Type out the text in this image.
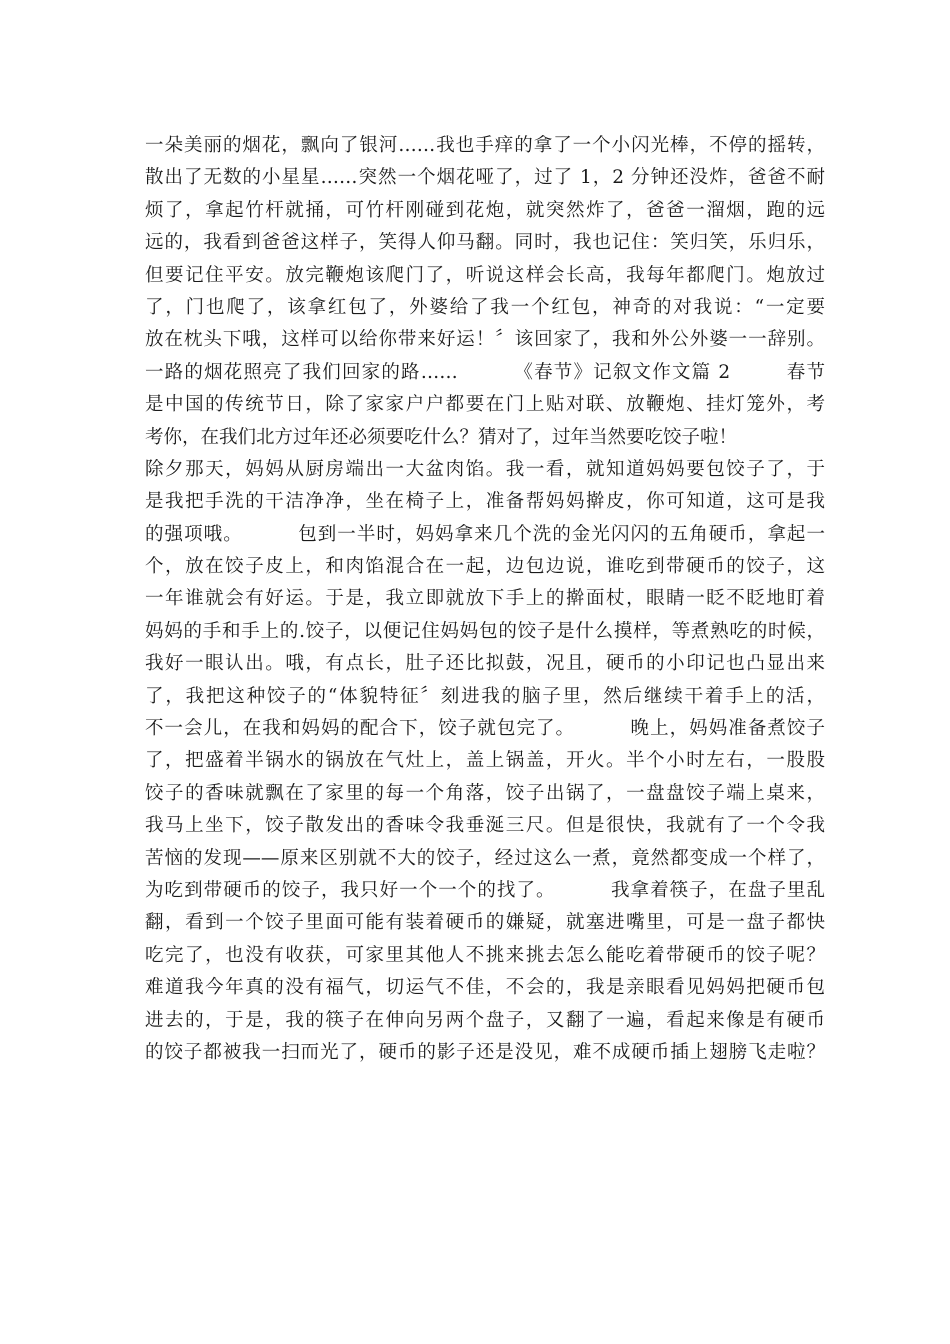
一朵美丽的烟花，飘向了银河……我也手痒的拿了一个小闪光棒，不停的摇转，
散出了无数的小星星……突然一个烟花哑了，过了 1，2 分钟还没炸，爸爸不耐
烦了，拿起竹杆就捅，可竹杆刚碰到花炮，就突然炸了，爸爸一溜烟，跑的远
远的，我看到爸爸这样子，笑得人仰马翻。同时，我也记住：笑归笑，乐归乐，
但要记住平安。放完鞭炮该爬门了，听说这样会长高，我每年都爬门。炮放过
了，门也爬了，该拿红包了，外婆给了我一个红包，神奇的对我说：“一定要
放在枕头下哦，这样可以给你带来好运！〞该回家了，我和外公外婆一一辞别。
一路的烟花照亮了我们回家的路……        《春节》记叙文作文篇 2        春节
是中国的传统节日，除了家家户户都要在门上贴对联、放鞭炮、挂灯笼外，考
考你，在我们北方过年还必须要吃什么？猜对了，过年当然要吃饺子啦！
除夕那天，妈妈从厨房端出一大盆肉馅。我一看，就知道妈妈要包饺子了，于
是我把手洗的干洁净净，坐在椅子上，准备帮妈妈擀皮，你可知道，这可是我
的强项哦。        包到一半时，妈妈拿来几个洗的金光闪闪的五角硬币，拿起一
个，放在饺子皮上，和肉馅混合在一起，边包边说，谁吃到带硬币的饺子，这
一年谁就会有好运。于是，我立即就放下手上的擀面杖，眼睛一眨不眨地盯着
妈妈的手和手上的.饺子，以便记住妈妈包的饺子是什么摸样，等煮熟吃的时候，
我好一眼认出。哦，有点长，肚子还比拟鼓，况且，硬币的小印记也凸显出来
了，我把这种饺子的“体貌特征〞刻进我的脑子里，然后继续干着手上的活，
不一会儿，在我和妈妈的配合下，饺子就包完了。        晚上，妈妈准备煮饺子
了，把盛着半锅水的锅放在气灶上，盖上锅盖，开火。半个小时左右，一股股
饺子的香味就飘在了家里的每一个角落，饺子出锅了，一盘盘饺子端上桌来，
我马上坐下，饺子散发出的香味令我垂涎三尺。但是很快，我就有了一个令我
苦恼的发现——原来区别就不大的饺子，经过这么一煮，竟然都变成一个样了，
为吃到带硬币的饺子，我只好一个一个的找了。        我拿着筷子，在盘子里乱
翻，看到一个饺子里面可能有装着硬币的嫌疑，就塞进嘴里，可是一盘子都快
吃完了，也没有收获，可家里其他人不挑来挑去怎么能吃着带硬币的饺子呢？
难道我今年真的没有福气，切运气不佳，不会的，我是亲眼看见妈妈把硬币包
进去的，于是，我的筷子在伸向另两个盘子，又翻了一遍，看起来像是有硬币
的饺子都被我一扫而光了，硬币的影子还是没见，难不成硬币插上翅膀飞走啦？
